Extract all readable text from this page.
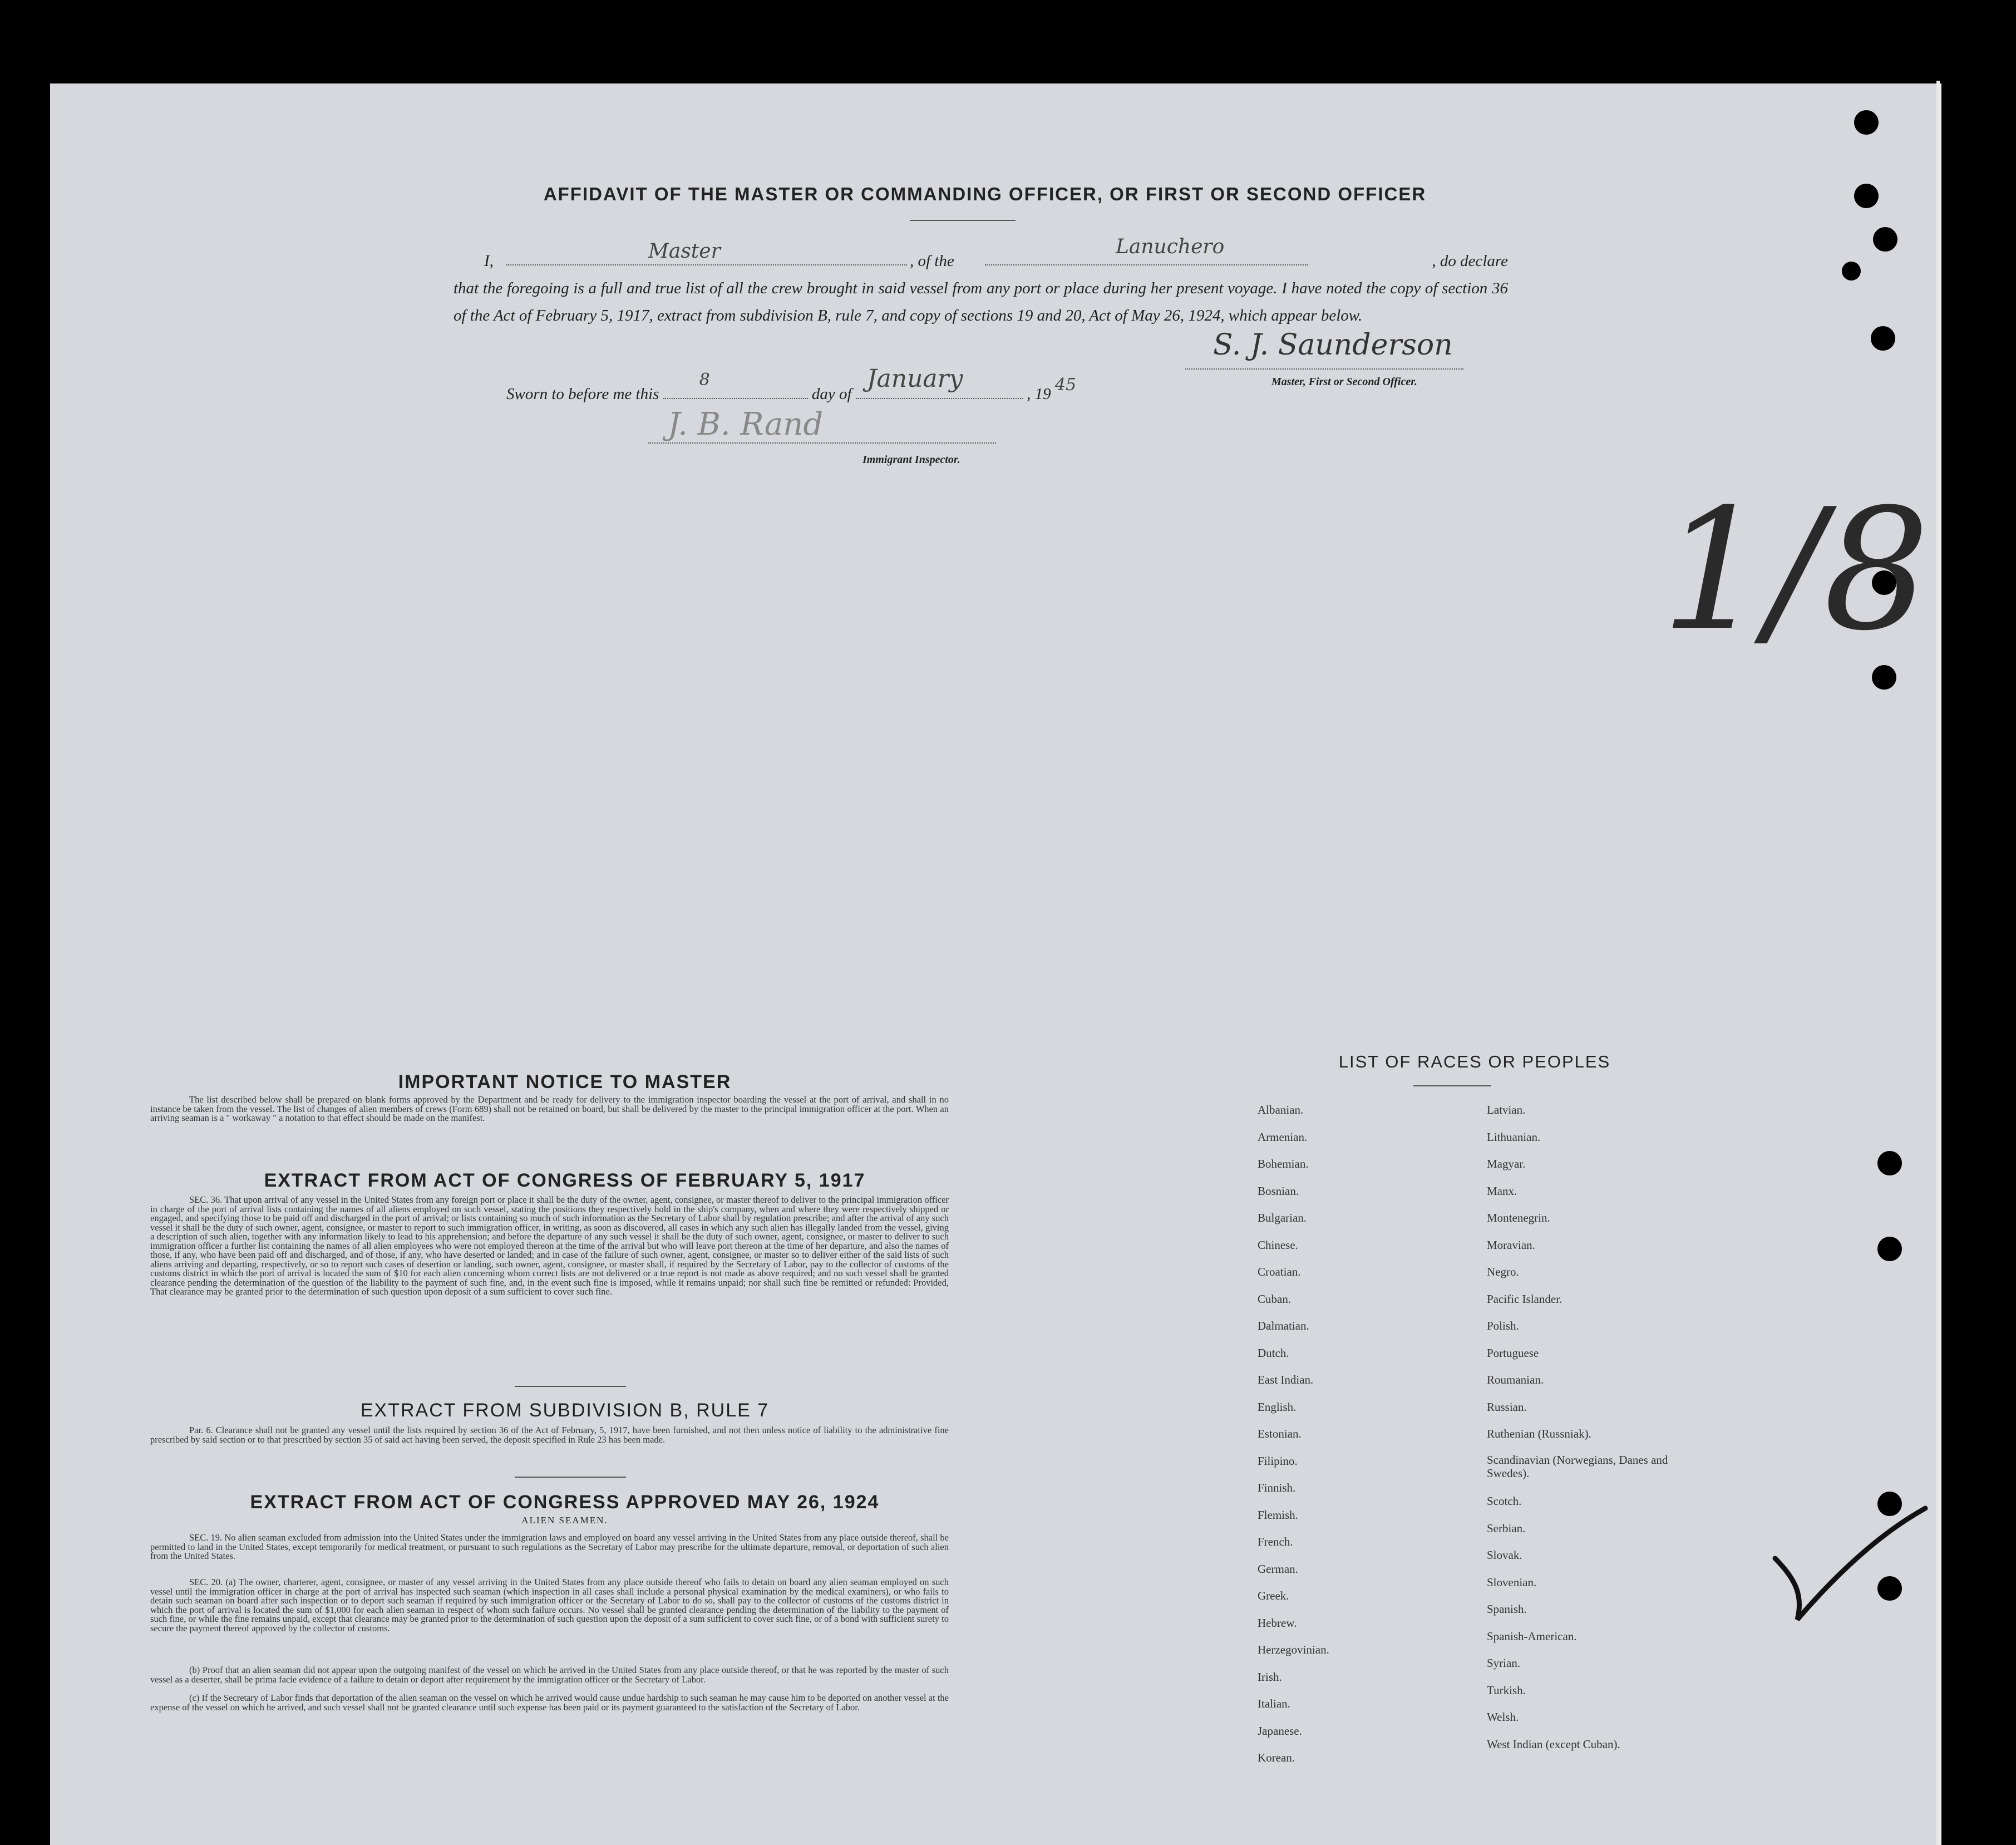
AFFIDAVIT OF THE MASTER OR COMMANDING OFFICER, OR FIRST OR SECOND OFFICER
I,	Master	, of the
Lanuchero
, do declare
that the foregoing is a full and true list of all the crew brought in said vessel from any port or place during her present voyage. I have noted the copy of section 36 of the Act of February 5, 1917, extract from subdivision B, rule 7, and copy of sections 19 and 20, Act of May 26, 1924, which appear below.
Sworn to before me this
8
day of
January
, 19 45
S. J. Saunderson
Master, First or Second Officer.
J. B. Rand
Immigrant Inspector.
1/8
IMPORTANT NOTICE TO MASTER
The list described below shall be prepared on blank forms approved by the Department and be ready for delivery to the immigration inspector boarding the vessel at the port of arrival, and shall in no instance be taken from the vessel. The list of changes of alien members of crews (Form 689) shall not be retained on board, but shall be delivered by the master to the principal immigration officer at the port. When an arriving seaman is a " workaway " a notation to that effect should be made on the manifest.
EXTRACT FROM ACT OF CONGRESS OF FEBRUARY 5, 1917
SEC. 36. That upon arrival of any vessel in the United States from any foreign port or place it shall be the duty of the owner, agent, consignee, or master thereof to deliver to the principal immigration officer in charge of the port of arrival lists containing the names of all aliens employed on such vessel, stating the positions they respectively hold in the ship's company, when and where they were respectively shipped or engaged, and specifying those to be paid off and discharged in the port of arrival; or lists containing so much of such information as the Secretary of Labor shall by regulation prescribe; and after the arrival of any such vessel it shall be the duty of such owner, agent, consignee, or master to report to such immigration officer, in writing, as soon as discovered, all cases in which any such alien has illegally landed from the vessel, giving a description of such alien, together with any information likely to lead to his apprehension; and before the departure of any such vessel it shall be the duty of such owner, agent, consignee, or master to deliver to such immigration officer a further list containing the names of all alien employees who were not employed thereon at the time of the arrival but who will leave port thereon at the time of her departure, and also the names of those, if any, who have been paid off and discharged, and of those, if any, who have deserted or landed; and in case of the failure of such owner, agent, consignee, or master so to deliver either of the said lists of such aliens arriving and departing, respectively, or so to report such cases of desertion or landing, such owner, agent, consignee, or master shall, if required by the Secretary of Labor, pay to the collector of customs of the customs district in which the port of arrival is located the sum of $10 for each alien concerning whom correct lists are not delivered or a true report is not made as above required; and no such vessel shall be granted clearance pending the determination of the question of the liability to the payment of such fine, and, in the event such fine is imposed, while it remains unpaid; nor shall such fine be remitted or refunded: Provided, That clearance may be granted prior to the determination of such question upon deposit of a sum sufficient to cover such fine.
EXTRACT FROM SUBDIVISION B, RULE 7
Par. 6. Clearance shall not be granted any vessel until the lists required by section 36 of the Act of February, 5, 1917, have been furnished, and not then unless notice of liability to the administrative fine prescribed by said section or to that prescribed by section 35 of said act having been served, the deposit specified in Rule 23 has been made.
EXTRACT FROM ACT OF CONGRESS APPROVED MAY 26, 1924
ALIEN SEAMEN.
SEC. 19. No alien seaman excluded from admission into the United States under the immigration laws and employed on board any vessel arriving in the United States from any place outside thereof, shall be permitted to land in the United States, except temporarily for medical treatment, or pursuant to such regulations as the Secretary of Labor may prescribe for the ultimate departure, removal, or deportation of such alien from the United States.
SEC. 20. (a) The owner, charterer, agent, consignee, or master of any vessel arriving in the United States from any place outside thereof who fails to detain on board any alien seaman employed on such vessel until the immigration officer in charge at the port of arrival has inspected such seaman (which inspection in all cases shall include a personal physical examination by the medical examiners), or who fails to detain such seaman on board after such inspection or to deport such seaman if required by such immigration officer or the Secretary of Labor to do so, shall pay to the collector of customs of the customs district in which the port of arrival is located the sum of $1,000 for each alien seaman in respect of whom such failure occurs. No vessel shall be granted clearance pending the determination of the liability to the payment of such fine, or while the fine remains unpaid, except that clearance may be granted prior to the determination of such question upon the deposit of a sum sufficient to cover such fine, or of a bond with sufficient surety to secure the payment thereof approved by the collector of customs.
(b) Proof that an alien seaman did not appear upon the outgoing manifest of the vessel on which he arrived in the United States from any place outside thereof, or that he was reported by the master of such vessel as a deserter, shall be prima facie evidence of a failure to detain or deport after requirement by the immigration officer or the Secretary of Labor.
(c) If the Secretary of Labor finds that deportation of the alien seaman on the vessel on which he arrived would cause undue hardship to such seaman he may cause him to be deported on another vessel at the expense of the vessel on which he arrived, and such vessel shall not be granted clearance until such expense has been paid or its payment guaranteed to the satisfaction of the Secretary of Labor.
LIST OF RACES OR PEOPLES
Albanian.
Armenian.
Bohemian.
Bosnian.
Bulgarian.
Chinese.
Croatian.
Cuban.
Dalmatian.
Dutch.
East Indian.
English.
Estonian.
Filipino.
Finnish.
Flemish.
French.
German.
Greek.
Hebrew.
Herzegovinian.
Irish.
Italian.
Japanese.
Korean.
Latvian.
Lithuanian.
Magyar.
Manx.
Montenegrin.
Moravian.
Negro.
Pacific Islander.
Polish.
Portuguese
Roumanian.
Russian.
Ruthenian (Russniak).
Scandinavian (Norwegians, Danes and Swedes).
Scotch.
Serbian.
Slovak.
Slovenian.
Spanish.
Spanish-American.
Syrian.
Turkish.
Welsh.
West Indian (except Cuban).
